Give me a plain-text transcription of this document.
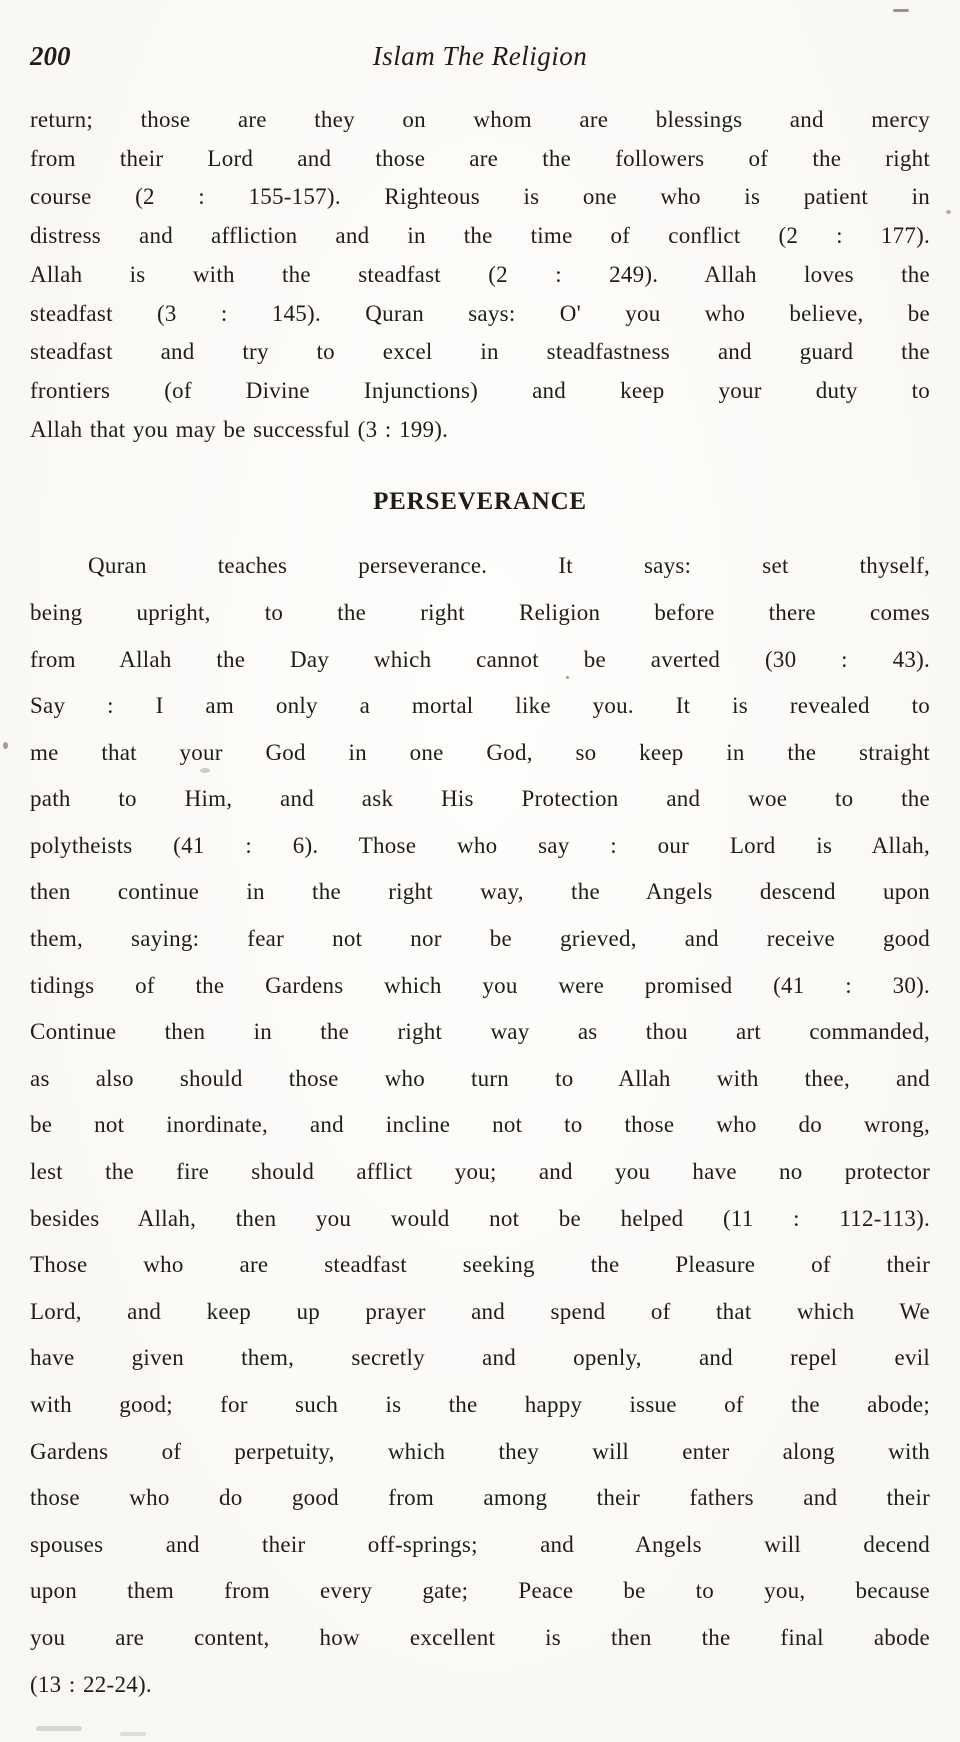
200	Islam The Religion
return; those are they on whom are blessings and mercy
from their Lord and those are the followers of the right
course (2 : 155-157). Righteous is one who is patient in
distress and affliction and in the time of conflict (2 : 177).
Allah is with the steadfast (2 : 249). Allah loves the
steadfast (3 : 145). Quran says: O' you who believe, be
steadfast and try to excel in steadfastness and guard the
frontiers (of Divine Injunctions) and keep your duty to
Allah that you may be successful (3 : 199).
PERSEVERANCE
Quran teaches perseverance. It says: set thyself,
being upright, to the right Religion before there comes
from Allah the Day which cannot be averted (30 : 43).
Say : I am only a mortal like you. It is revealed to
me that your God in one God, so keep in the straight
path to Him, and ask His Protection and woe to the
polytheists (41 : 6). Those who say : our Lord is Allah,
then continue in the right way, the Angels descend upon
them, saying: fear not nor be grieved, and receive good
tidings of the Gardens which you were promised (41 : 30).
Continue then in the right way as thou art commanded,
as also should those who turn to Allah with thee, and
be not inordinate, and incline not to those who do wrong,
lest the fire should afflict you; and you have no protector
besides Allah, then you would not be helped (11 : 112-113).
Those who are steadfast seeking the Pleasure of their
Lord, and keep up prayer and spend of that which We
have given them, secretly and openly, and repel evil
with good; for such is the happy issue of the abode;
Gardens of perpetuity, which they will enter along with
those who do good from among their fathers and their
spouses and their off-springs; and Angels will decend
upon them from every gate; Peace be to you, because
you are content, how excellent is then the final abode
(13 : 22-24).
